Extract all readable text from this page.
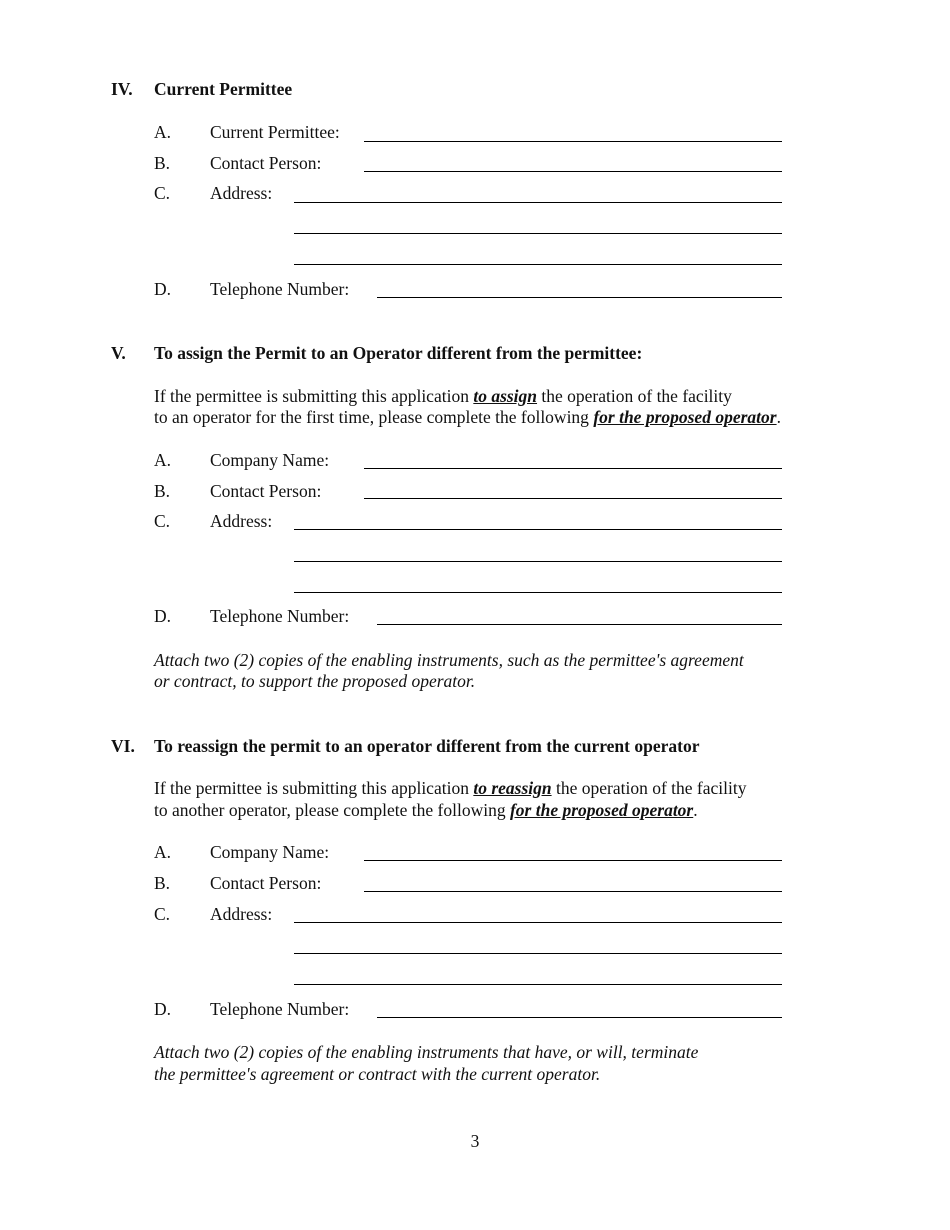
IV. Current Permittee
A. Current Permittee:
B. Contact Person:
C. Address:
D. Telephone Number:
V. To assign the Permit to an Operator different from the permittee:
If the permittee is submitting this application to assign the operation of the facility
to an operator for the first time, please complete the following for the proposed operator.
A. Company Name:
B. Contact Person:
C. Address:
D. Telephone Number:
Attach two (2) copies of the enabling instruments, such as the permittee's agreement
or contract, to support the proposed operator.
VI. To reassign the permit to an operator different from the current operator
If the permittee is submitting this application to reassign the operation of the facility
to another operator, please complete the following for the proposed operator.
A. Company Name:
B. Contact Person:
C. Address:
D. Telephone Number:
Attach two (2) copies of the enabling instruments that have, or will, terminate
the permittee's agreement or contract with the current operator.
3
